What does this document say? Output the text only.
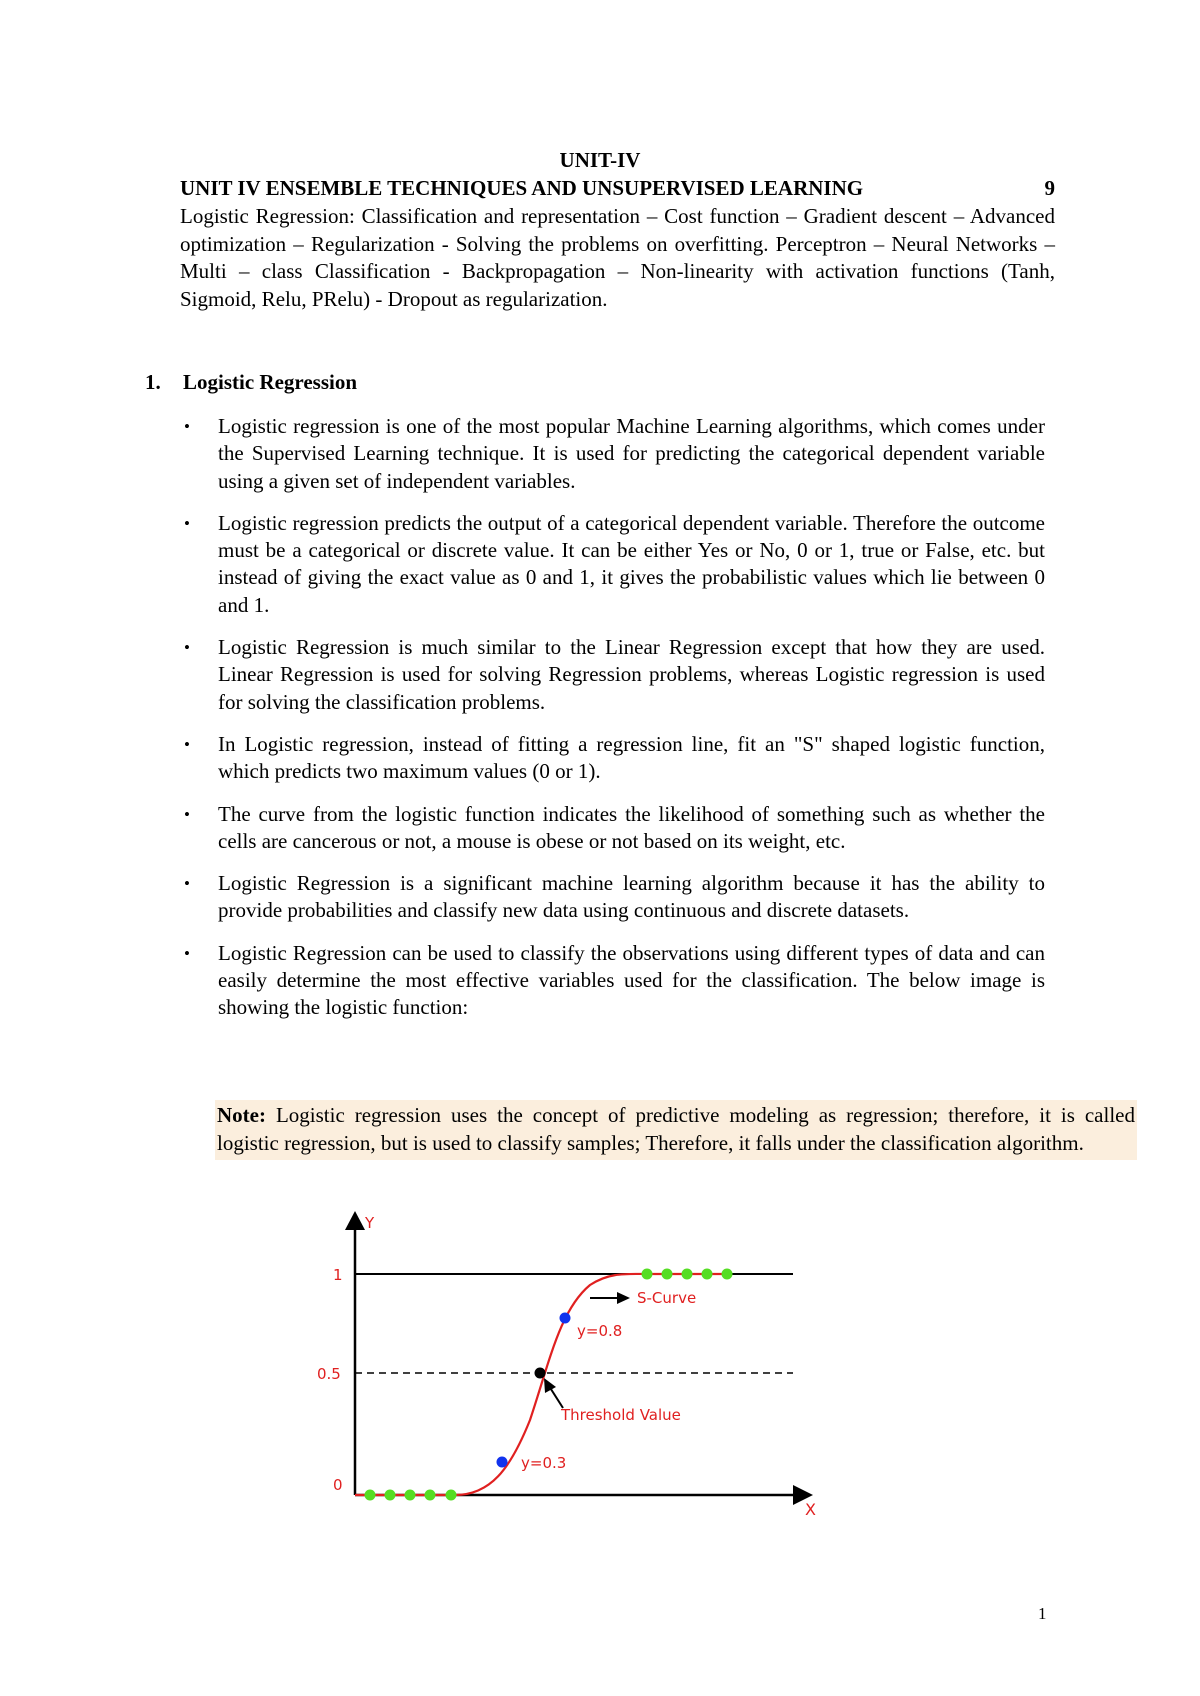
UNIT-IV
UNIT IV ENSEMBLE TECHNIQUES AND UNSUPERVISED LEARNING	9
Logistic Regression: Classification and representation – Cost function – Gradient descent – Advanced optimization – Regularization - Solving the problems on overfitting. Perceptron – Neural Networks – Multi – class Classification - Backpropagation – Non-linearity with activation functions (Tanh, Sigmoid, Relu, PRelu) - Dropout as regularization.
1. Logistic Regression
• Logistic regression is one of the most popular Machine Learning algorithms, which comes under the Supervised Learning technique. It is used for predicting the categorical dependent variable using a given set of independent variables.
• Logistic regression predicts the output of a categorical dependent variable. Therefore the outcome must be a categorical or discrete value. It can be either Yes or No, 0 or 1, true or False, etc. but instead of giving the exact value as 0 and 1, it gives the probabilistic values which lie between 0 and 1.
• Logistic Regression is much similar to the Linear Regression except that how they are used. Linear Regression is used for solving Regression problems, whereas Logistic regression is used for solving the classification problems.
• In Logistic regression, instead of fitting a regression line, fit an "S" shaped logistic function, which predicts two maximum values (0 or 1).
• The curve from the logistic function indicates the likelihood of something such as whether the cells are cancerous or not, a mouse is obese or not based on its weight, etc.
• Logistic Regression is a significant machine learning algorithm because it has the ability to provide probabilities and classify new data using continuous and discrete datasets.
• Logistic Regression can be used to classify the observations using different types of data and can easily determine the most effective variables used for the classification. The below image is showing the logistic function:
Note: Logistic regression uses the concept of predictive modeling as regression; therefore, it is called logistic regression, but is used to classify samples; Therefore, it falls under the classification algorithm.
Y
X
1
0.5
0
S-Curve
y=0.8
Threshold Value
y=0.3
1
